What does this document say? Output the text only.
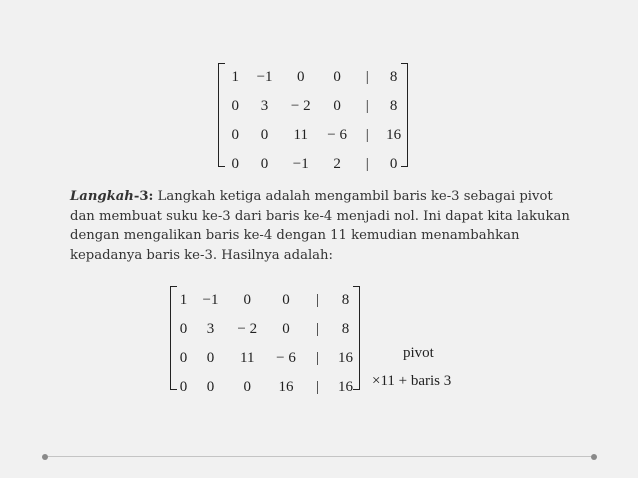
1	−1	0	0	|	8
0	3	− 2	0	|	8
0	0	11	− 6	|	16
0	0	−1	2	|	0
Langkah-3: Langkah ketiga adalah mengambil baris ke-3 sebagai pivot dan membuat suku ke-3 dari baris ke-4 menjadi nol. Ini dapat kita lakukan dengan mengalikan baris ke-4 dengan 11 kemudian menambahkan kepadanya baris ke-3. Hasilnya adalah:
1	−1	0	0	|	8
0	3	− 2	0	|	8
0	0	11	− 6	|	16
0	0	0	16	|	16
pivot
×11 + baris 3
